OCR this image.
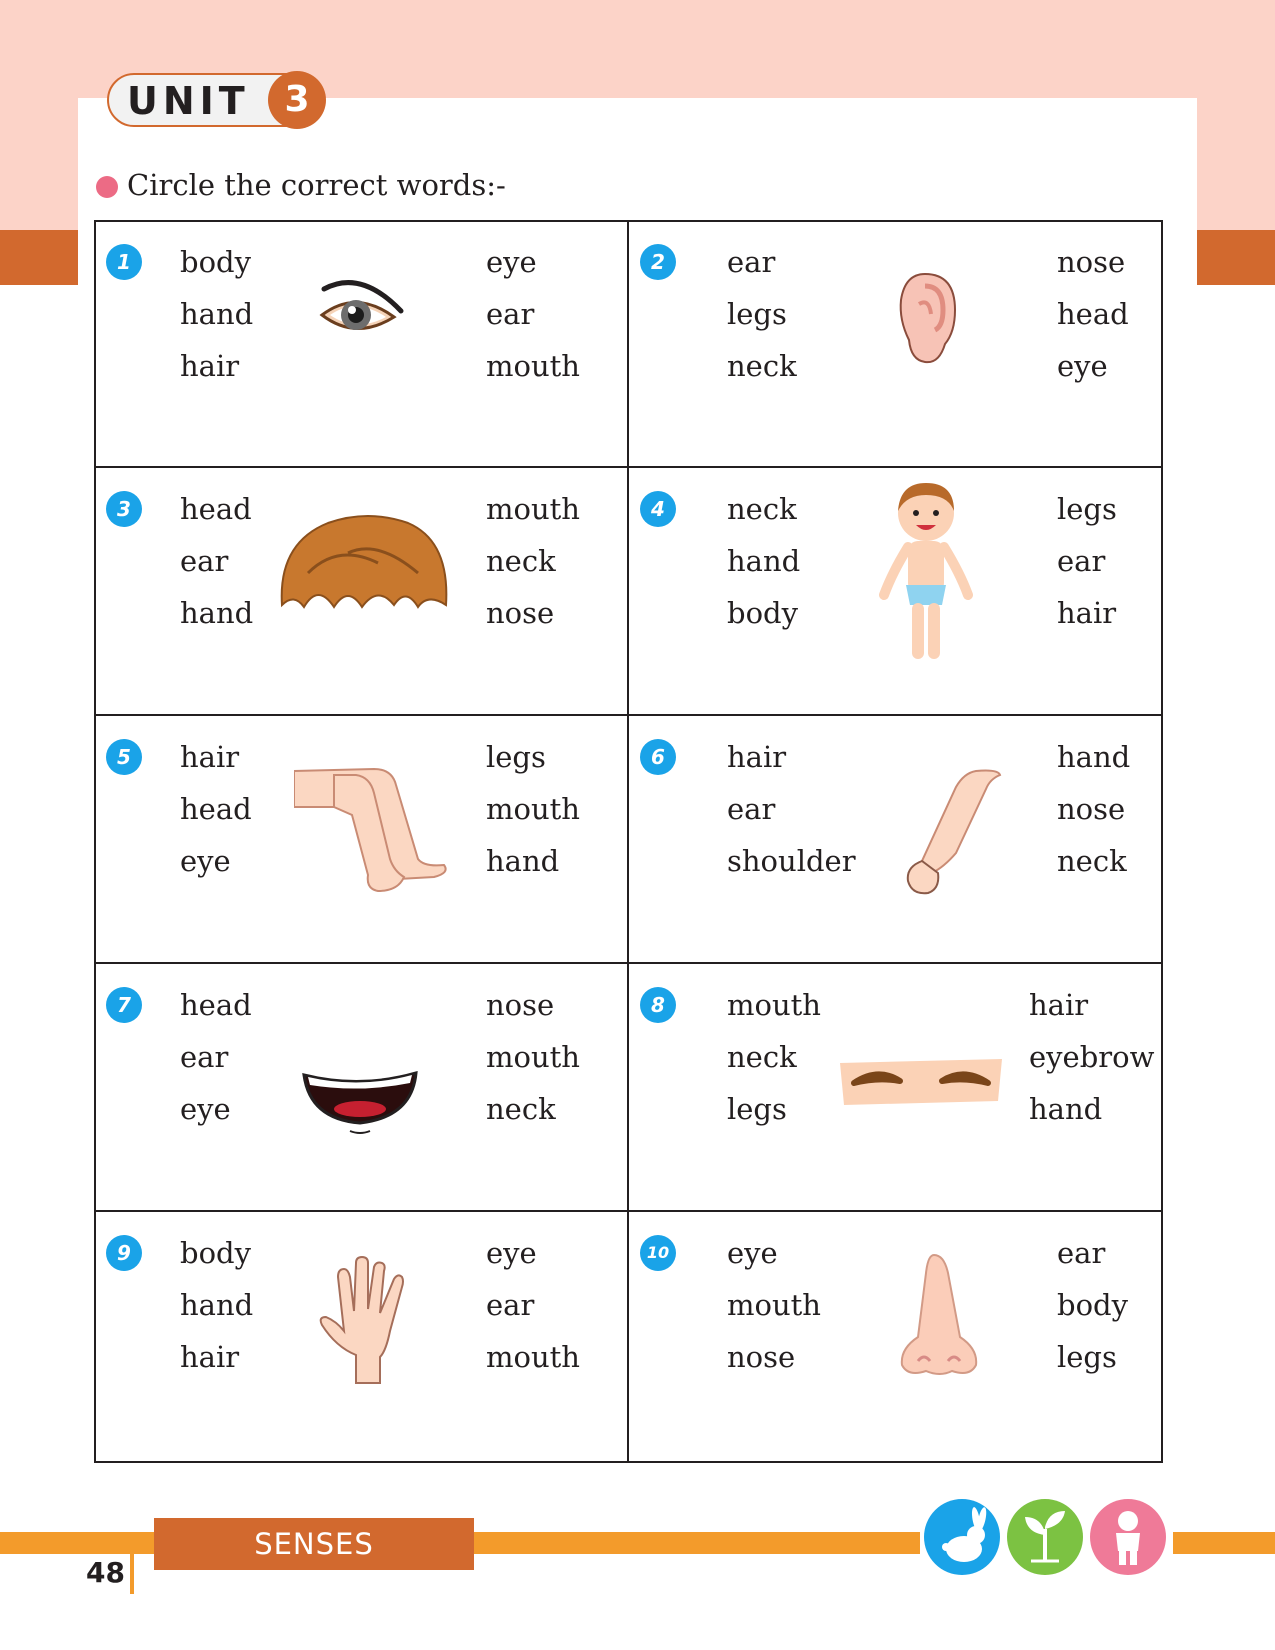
UNIT 3
Circle the correct words:-
1	body
hand
hair
eye
ear
mouth
2	ear
legs
neck
nose
head
eye
3	head
ear
hand
mouth
neck
nose
4	neck
hand
body
legs
ear
hair
5	hair
head
eye
legs
mouth
hand
6	hair
ear
shoulder
hand
nose
neck
7	head
ear
eye
nose
mouth
neck
8	mouth
neck
legs
hair
eyebrow
hand
9	body
hand
hair
eye
ear
mouth
10 eye
mouth
nose
ear
body
legs
SENSES
48
